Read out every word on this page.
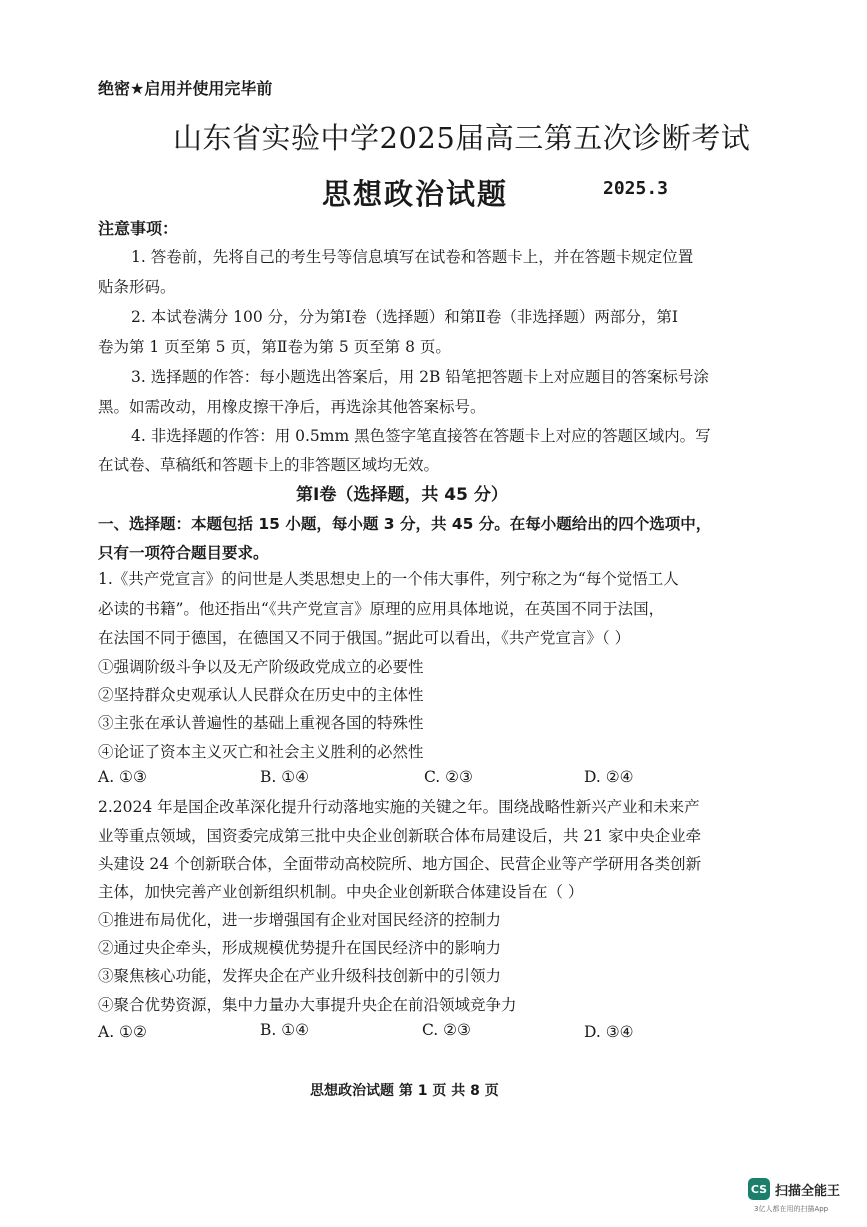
绝密★启用并使用完毕前
山东省实验中学2025届高三第五次诊断考试
思想政治试题	2025.3
注意事项：
1. 答卷前，先将自己的考生号等信息填写在试卷和答题卡上，并在答题卡规定位置
贴条形码。
2. 本试卷满分 100 分，分为第Ⅰ卷（选择题）和第Ⅱ卷（非选择题）两部分，第Ⅰ
卷为第 1 页至第 5 页，第Ⅱ卷为第 5 页至第 8 页。
3. 选择题的作答：每小题选出答案后，用 2B 铅笔把答题卡上对应题目的答案标号涂
黑。如需改动，用橡皮擦干净后，再选涂其他答案标号。
4. 非选择题的作答：用 0.5mm 黑色签字笔直接答在答题卡上对应的答题区域内。写
在试卷、草稿纸和答题卡上的非答题区域均无效。
第Ⅰ卷（选择题，共 45 分）
一、选择题：本题包括 15 小题，每小题 3 分，共 45 分。在每小题给出的四个选项中，
只有一项符合题目要求。
1.《共产党宣言》的问世是人类思想史上的一个伟大事件，列宁称之为“每个觉悟工人
必读的书籍”。他还指出“《共产党宣言》原理的应用具体地说，在英国不同于法国，
在法国不同于德国，在德国又不同于俄国。”据此可以看出，《共产党宣言》（ ）
①强调阶级斗争以及无产阶级政党成立的必要性
②坚持群众史观承认人民群众在历史中的主体性
③主张在承认普遍性的基础上重视各国的特殊性
④论证了资本主义灭亡和社会主义胜利的必然性
A. ①③	B. ①④	C. ②③	D. ②④
2.2024 年是国企改革深化提升行动落地实施的关键之年。围绕战略性新兴产业和未来产
业等重点领域，国资委完成第三批中央企业创新联合体布局建设后，共 21 家中央企业牵
头建设 24 个创新联合体，全面带动高校院所、地方国企、民营企业等产学研用各类创新
主体，加快完善产业创新组织机制。中央企业创新联合体建设旨在（ ）
①推进布局优化，进一步增强国有企业对国民经济的控制力
②通过央企牵头，形成规模优势提升在国民经济中的影响力
③聚焦核心功能，发挥央企在产业升级科技创新中的引领力
④聚合优势资源，集中力量办大事提升央企在前沿领域竞争力
A. ①②	B. ①④	C. ②③	D. ③④
思想政治试题 第 1 页 共 8 页
CS 扫描全能王
3亿人都在用的扫描App
